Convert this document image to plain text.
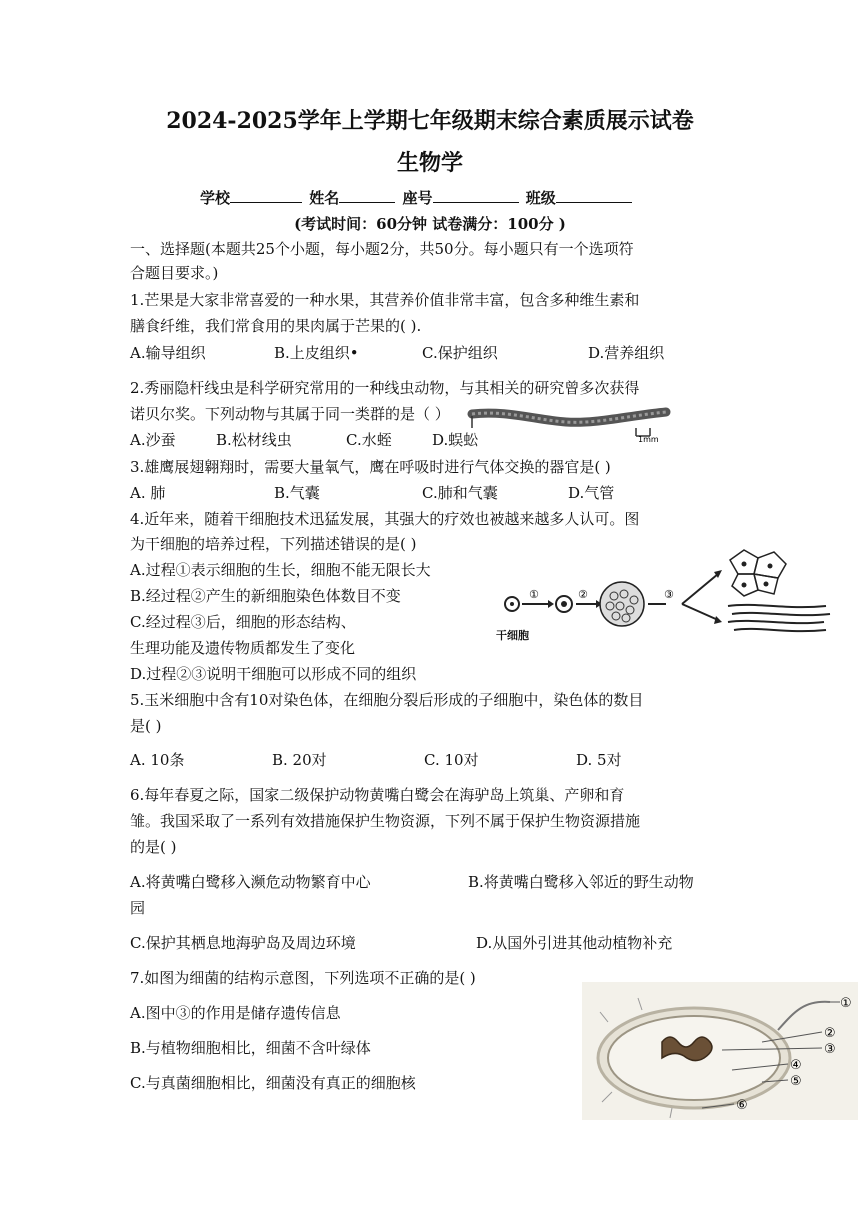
2024-2025学年上学期七年级期末综合素质展示试卷
生物学
学校	姓名	座号	班级
(考试时间：60分钟 试卷满分：100分 )
一、选择题(本题共25个小题，每小题2分，共50分。每小题只有一个选项符
合题目要求。)
1.芒果是大家非常喜爱的一种水果，其营养价值非常丰富，包含多种维生素和
膳食纤维，我们常食用的果肉属于芒果的( ).
A.输导组织	B.上皮组织•	C.保护组织	D.营养组织
2.秀丽隐杆线虫是科学研究常用的一种线虫动物，与其相关的研究曾多次获得
诺贝尔奖。下列动物与其属于同一类群的是（ ）
A.沙蚕	B.松材线虫	C.水蛭	D.蜈蚣	1mm
3.雄鹰展翅翱翔时，需要大量氧气，鹰在呼吸时进行气体交换的器官是( )
A. 肺	B.气囊	C.肺和气囊	D.气管
4.近年来，随着干细胞技术迅猛发展，其强大的疗效也被越来越多人认可。图
为干细胞的培养过程，下列描述错误的是( )
A.过程①表示细胞的生长，细胞不能无限长大
B.经过程②产生的新细胞染色体数目不变
C.经过程③后，细胞的形态结构、
生理功能及遗传物质都发生了变化
D.过程②③说明干细胞可以形成不同的组织
①	②	③
干细胞
5.玉米细胞中含有10对染色体，在细胞分裂后形成的子细胞中，染色体的数目
是( )
A. 10条	B. 20对	C. 10对	D. 5对
6.每年春夏之际，国家二级保护动物黄嘴白鹭会在海驴岛上筑巢、产卵和育
雏。我国采取了一系列有效措施保护生物资源，下列不属于保护生物资源措施
的是( )
A.将黄嘴白鹭移入濒危动物繁育中心	B.将黄嘴白鹭移入邻近的野生动物
园
C.保护其栖息地海驴岛及周边环境	D.从国外引进其他动植物补充
7.如图为细菌的结构示意图，下列选项不正确的是( )
A.图中③的作用是储存遗传信息
B.与植物细胞相比，细菌不含叶绿体
C.与真菌细胞相比，细菌没有真正的细胞核
①
②
③
④
⑤
⑥
